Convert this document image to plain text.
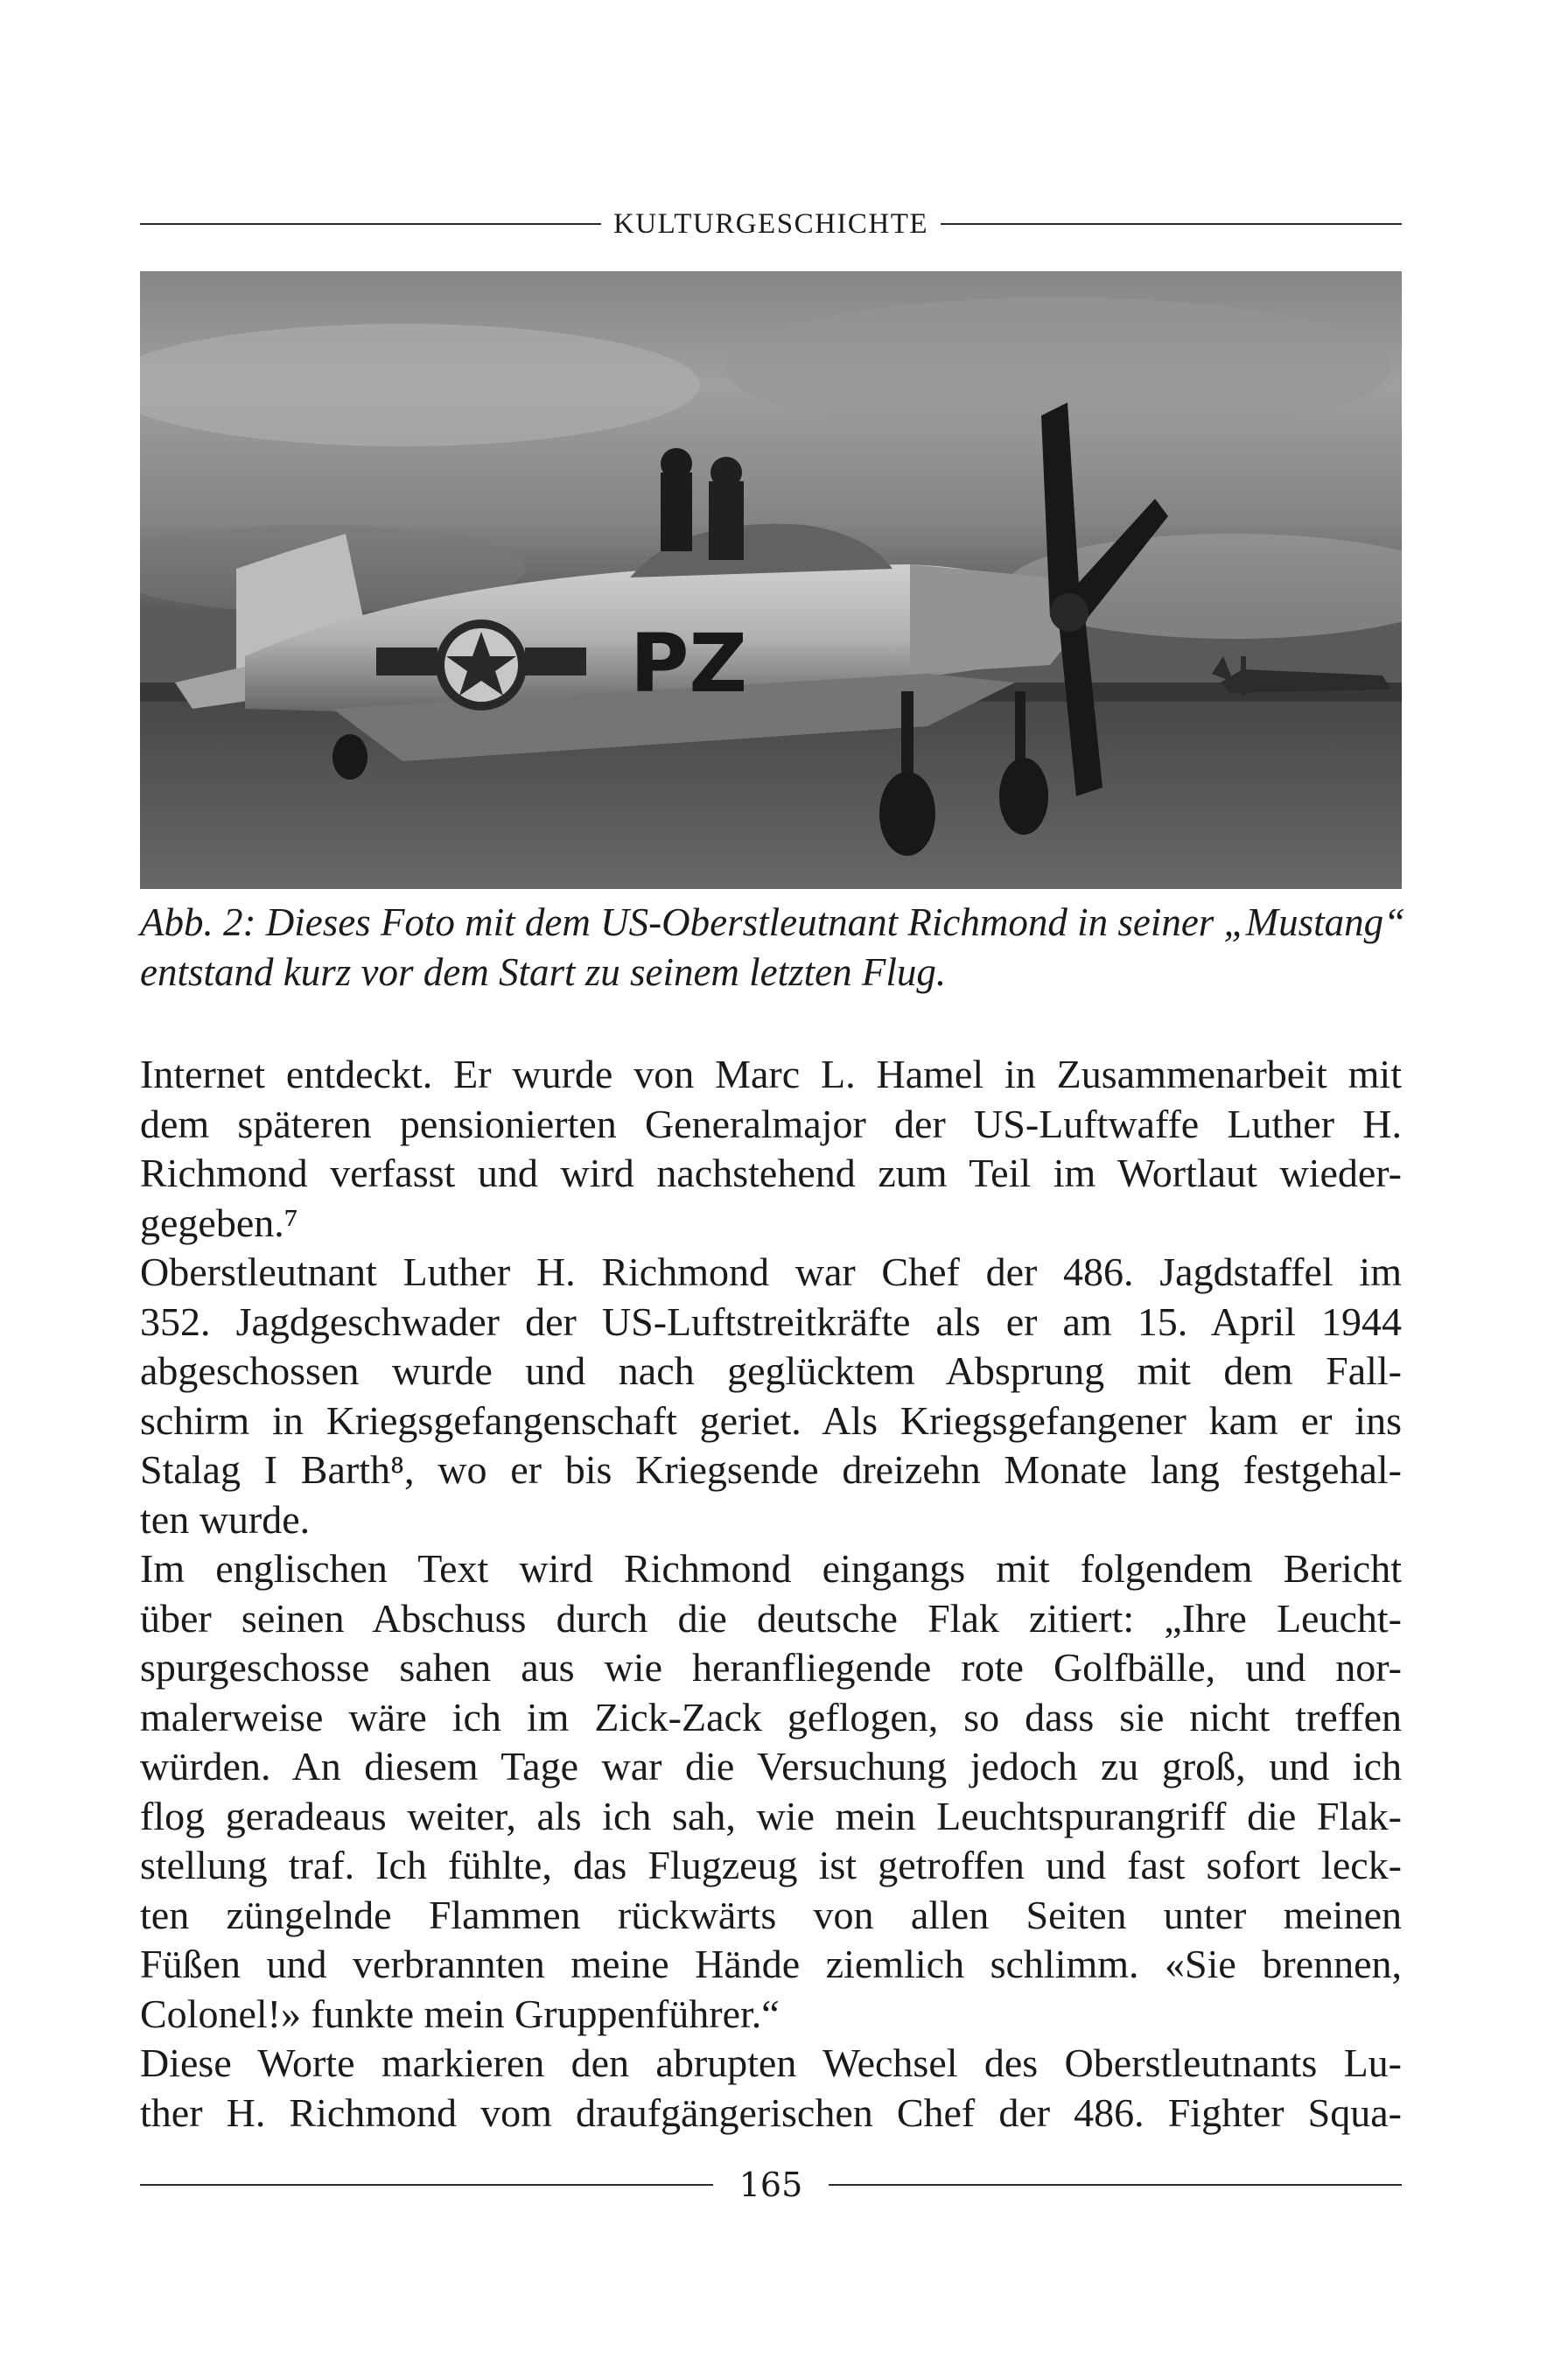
KULTURGESCHICHTE
PZ
Abb. 2: Dieses Foto mit dem US-Oberstleutnant Richmond in seiner „Mustang“
entstand kurz vor dem Start zu seinem letzten Flug.
Internet entdeckt. Er wurde von Marc L. Hamel in Zusammenarbeit mit
dem späteren pensionierten Generalmajor der US-Luftwaffe Luther H.
Richmond verfasst und wird nachstehend zum Teil im Wortlaut wieder-
gegeben.⁷
Oberstleutnant Luther H. Richmond war Chef der 486. Jagdstaffel im
352. Jagdgeschwader der US-Luftstreitkräfte als er am 15. April 1944
abgeschossen wurde und nach geglücktem Absprung mit dem Fall-
schirm in Kriegsgefangenschaft geriet. Als Kriegsgefangener kam er ins
Stalag I Barth⁸, wo er bis Kriegsende dreizehn Monate lang festgehal-
ten wurde.
Im englischen Text wird Richmond eingangs mit folgendem Bericht
über seinen Abschuss durch die deutsche Flak zitiert: „Ihre Leucht-
spurgeschosse sahen aus wie heranfliegende rote Golfbälle, und nor-
malerweise wäre ich im Zick-Zack geflogen, so dass sie nicht treffen
würden. An diesem Tage war die Versuchung jedoch zu groß, und ich
flog geradeaus weiter, als ich sah, wie mein Leuchtspurangriff die Flak-
stellung traf. Ich fühlte, das Flugzeug ist getroffen und fast sofort leck-
ten züngelnde Flammen rückwärts von allen Seiten unter meinen
Füßen und verbrannten meine Hände ziemlich schlimm. «Sie brennen,
Colonel!» funkte mein Gruppenführer.“
Diese Worte markieren den abrupten Wechsel des Oberstleutnants Lu-
ther H. Richmond vom draufgängerischen Chef der 486. Fighter Squa-
165
